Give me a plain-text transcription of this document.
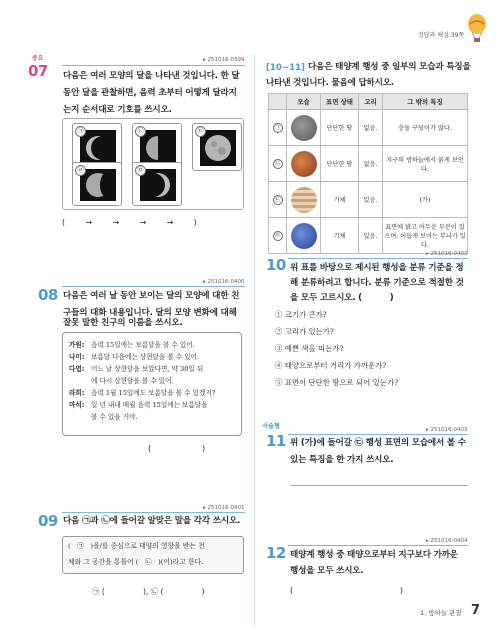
정답과 해설 39쪽
중요
07
▸ 251016-0399
다음은 여러 모양의 달을 나타낸 것입니다. 한 달
동안 달을 관찰하면, 음력 초부터 어떻게 달라지
는지 순서대로 기호를 쓰시오.
㉠	㉡	㉢
㉣	㉤
(        →        →        →        →        )
08
▸ 251016-0400
다음은 여러 날 동안 보이는 달의 모양에 대한 친
구들의 대화 내용입니다. 달의 모양 변화에 대해
잘못 말한 친구의 이름을 쓰시오.
가원:	음력 15일에는 보름달을 볼 수 있어.
나미:	보름달 다음에는 상현달을 볼 수 있어.
다엽:	어느 날 상현달을 보았다면, 약 30일 뒤
에 다시 상현달을 볼 수 있어.
라희:	음력 1월 15일에도 보름달을 볼 수 있겠지?
마석:	일 년 내내 매월 음력 15일에는 보름달을
볼 수 있을 거야.
(                    )
09
▸ 251016-0401
다음 ㉠과 ㉡에 들어갈 알맞은 말을 각각 쓰시오.
(   ㉠   )을/를 중심으로 태양의 영향을 받는 천
체와 그 공간을 통틀어 (   ㉡   )(이)라고 한다.
㉠ (                ), ㉡ (                )
[10~11] 다음은 태양계 행성 중 일부의 모습과 특징을
나타낸 것입니다. 물음에 답하시오.
	모습	표면 상태	고리	그 밖의 특징
㉠		단단한 땅	없음.	충돌 구덩이가 많다.
㉡		단단한 땅	없음.	지구의 방하늘에서 붉게 보인다.
㉢		기체	있음.	(가)
㉣		기체	있음.	표면에 밝고 어두운 부분이 있으며, 어둡게 보이는 무늬가 있다.
10
▸ 251016-0402
위 표를 바탕으로 제시된 행성을 분류 기준을 정
해 분류하려고 합니다. 분류 기준으로 적절한 것
을 모두 고르시오. (          )
① 크기가 큰가?
② 고리가 있는가?
③ 예쁜 색을 띠는가?
④ 태양으로부터 거리가 가까운가?
⑤ 표면이 단단한 땅으로 되어 있는가?
서술형
11
▸ 251016-0403
위 (가)에 들어갈 ㉢ 행성 표면의 모습에서 볼 수
있는 특징을 한 가지 쓰시오.
12
▸ 251016-0404
태양계 행성 중 태양으로부터 지구보다 가까운
행성을 모두 쓰시오.
(                                          )
1. 방하늘 관찰 7
